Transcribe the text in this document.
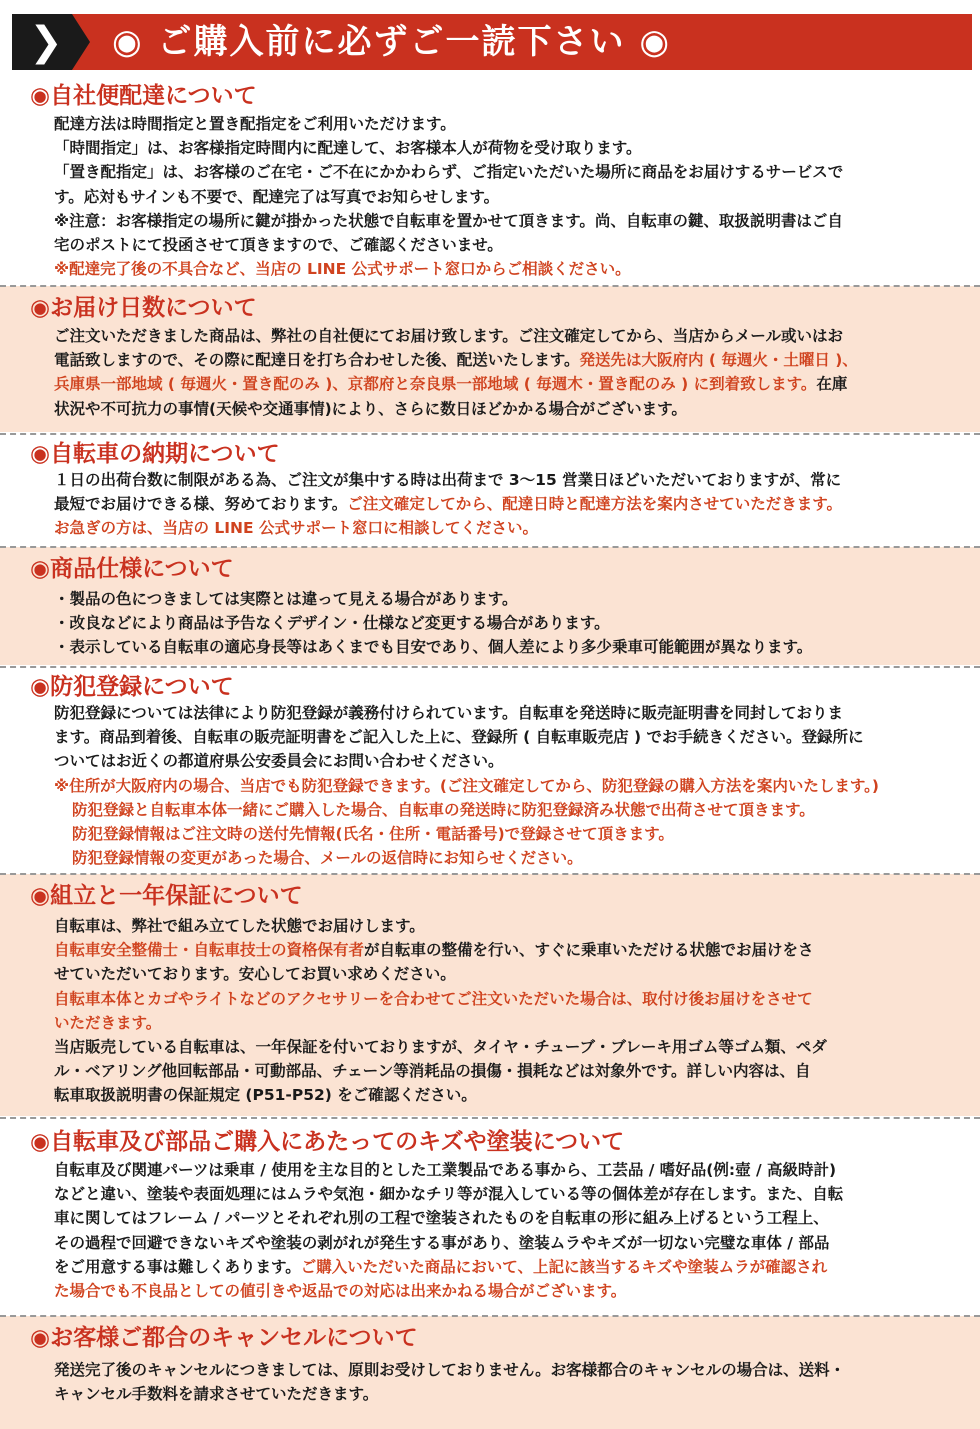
❯ ◉ ご購入前に必ずご一読下さい ◉
◉自社便配達について

配達方法は時間指定と置き配指定をご利用いただけます。

「時間指定」は、お客様指定時間内に配達して、お客様本人が荷物を受け取ります。

「置き配指定」は、お客様のご在宅・ご不在にかかわらず、ご指定いただいた場所に商品をお届けするサービスで

す。応対もサインも不要で、配達完了は写真でお知らせします。

※注意：お客様指定の場所に鍵が掛かった状態で自転車を置かせて頂きます。尚、自転車の鍵、取扱説明書はご自

宅のポストにて投函させて頂きますので、ご確認くださいませ。

※配達完了後の不具合など、当店の LINE 公式サポート窓口からご相談ください。

◉お届け日数について

ご注文いただきました商品は、弊社の自社便にてお届け致します。ご注文確定してから、当店からメール或いはお

電話致しますので、その際に配達日を打ち合わせした後、配送いたします。発送先は大阪府内 ( 毎週火・土曜日 )、

兵庫県一部地域 ( 毎週火・置き配のみ )、京都府と奈良県一部地域 ( 毎週木・置き配のみ ) に到着致します。在庫

状況や不可抗力の事情(天候や交通事情)により、さらに数日ほどかかる場合がございます。

◉自転車の納期について

１日の出荷台数に制限がある為、ご注文が集中する時は出荷まで 3～15 営業日ほどいただいておりますが、常に

最短でお届けできる様、努めております。ご注文確定してから、配達日時と配達方法を案内させていただきます。

お急ぎの方は、当店の LINE 公式サポート窓口に相談してください。

◉商品仕様について

・製品の色につきましては実際とは違って見える場合があります。

・改良などにより商品は予告なくデザイン・仕様など変更する場合があります。

・表示している自転車の適応身長等はあくまでも目安であり、個人差により多少乗車可能範囲が異なります。

◉防犯登録について

防犯登録については法律により防犯登録が義務付けられています。自転車を発送時に販売証明書を同封しておりま

ます。商品到着後、自転車の販売証明書をご記入した上に、登録所 ( 自転車販売店 ) でお手続きください。登録所に

ついてはお近くの都道府県公安委員会にお問い合わせください。

※住所が大阪府内の場合、当店でも防犯登録できます。(ご注文確定してから、防犯登録の購入方法を案内いたします。)

防犯登録と自転車本体一緒にご購入した場合、自転車の発送時に防犯登録済み状態で出荷させて頂きます。

防犯登録情報はご注文時の送付先情報(氏名・住所・電話番号)で登録させて頂きます。

防犯登録情報の変更があった場合、メールの返信時にお知らせください。

◉組立と一年保証について

自転車は、弊社で組み立てした状態でお届けします。

自転車安全整備士・自転車技士の資格保有者が自転車の整備を行い、すぐに乗車いただける状態でお届けをさ

せていただいております。安心してお買い求めください。

自転車本体とカゴやライトなどのアクセサリーを合わせてご注文いただいた場合は、取付け後お届けをさせて

いただきます。

当店販売している自転車は、一年保証を付いておりますが、タイヤ・チューブ・ブレーキ用ゴム等ゴム類、ペダ

ル・ベアリング他回転部品・可動部品、チェーン等消耗品の損傷・損耗などは対象外です。詳しい内容は、自

転車取扱説明書の保証規定 (P51-P52) をご確認ください。

◉自転車及び部品ご購入にあたってのキズや塗装について

自転車及び関連パーツは乗車 / 使用を主な目的とした工業製品である事から、工芸品 / 嗜好品(例:壺 / 高級時計)

などと違い、塗装や表面処理にはムラや気泡・細かなチリ等が混入している等の個体差が存在します。また、自転

車に関してはフレーム / パーツとそれぞれ別の工程で塗装されたものを自転車の形に組み上げるという工程上、

その過程で回避できないキズや塗装の剥がれが発生する事があり、塗装ムラやキズが一切ない完璧な車体 / 部品

をご用意する事は難しくあります。ご購入いただいた商品において、上記に該当するキズや塗装ムラが確認され

た場合でも不良品としての値引きや返品での対応は出来かねる場合がございます。

◉お客様ご都合のキャンセルについて

発送完了後のキャンセルにつきましては、原則お受けしておりません。お客様都合のキャンセルの場合は、送料・

キャンセル手数料を請求させていただきます。
